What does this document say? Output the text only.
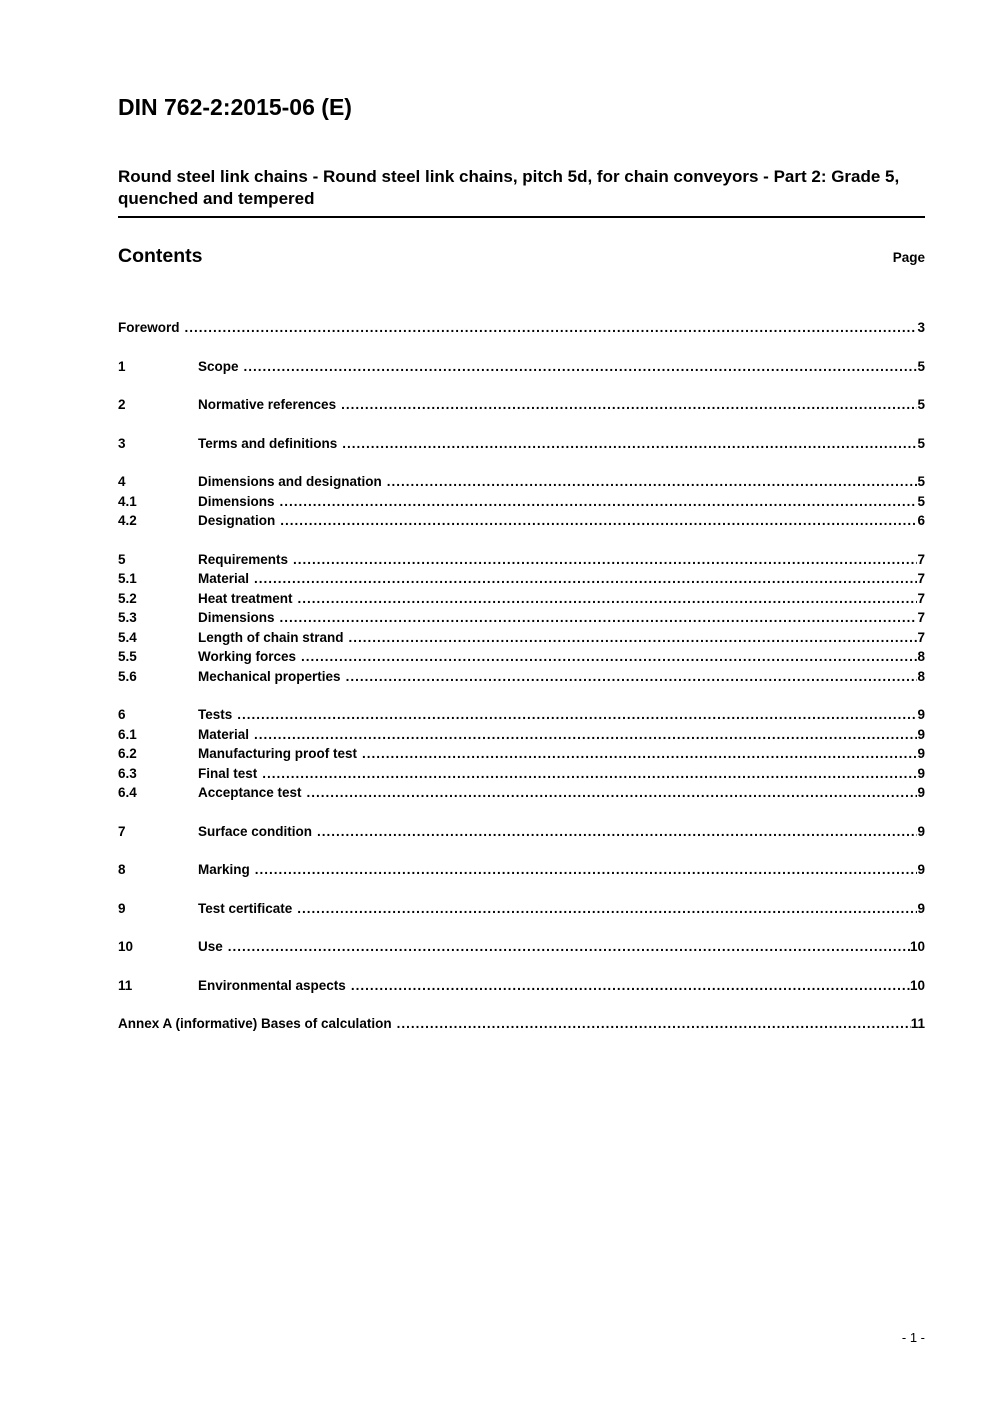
DIN 762-2:2015-06 (E)
Round steel link chains - Round steel link chains, pitch 5d, for chain conveyors - Part 2: Grade 5, quenched and tempered
Contents	Page
Foreword .....	3
1	Scope .....	5
2	Normative references .....	5
3	Terms and definitions .....	5
4	Dimensions and designation .....	5
4.1	Dimensions .....	5
4.2	Designation .....	6
5	Requirements .....	7
5.1	Material .....	7
5.2	Heat treatment .....	7
5.3	Dimensions .....	7
5.4	Length of chain strand .....	7
5.5	Working forces .....	8
5.6	Mechanical properties .....	8
6	Tests .....	9
6.1	Material .....	9
6.2	Manufacturing proof test .....	9
6.3	Final test .....	9
6.4	Acceptance test .....	9
7	Surface condition .....	9
8	Marking .....	9
9	Test certificate .....	9
10	Use .....	10
11	Environmental aspects .....	10
Annex A (informative) Bases of calculation .....	11
- 1 -
